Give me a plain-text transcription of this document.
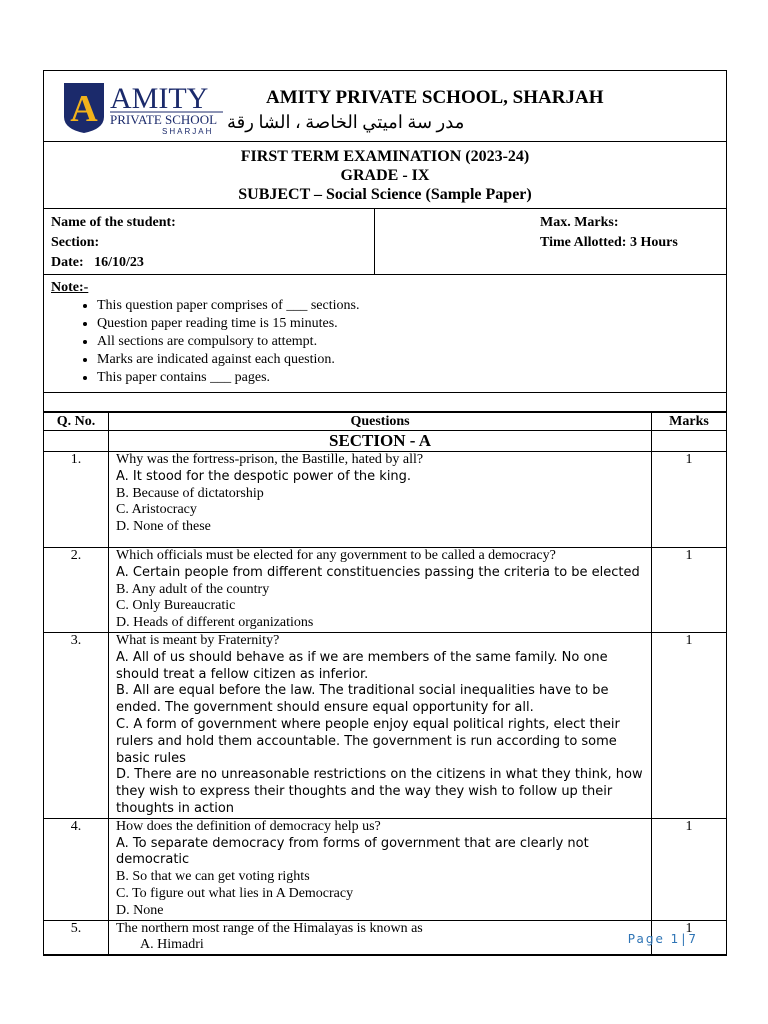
A AMITY
PRIVATE SCHOOL
SHARJAH
AMITY PRIVATE SCHOOL, SHARJAH
مدر سة اميتي الخاصة ، الشا رقة
FIRST TERM EXAMINATION (2023-24)
GRADE - IX
SUBJECT – Social Science (Sample Paper)
Name of the student:
Section:
Date: 16/10/23
Max. Marks:
Time Allotted: 3 Hours
Note:-
• This question paper comprises of ___ sections.
• Question paper reading time is 15 minutes.
• All sections are compulsory to attempt.
• Marks are indicated against each question.
• This paper contains ___ pages.
Q. No.	Questions	Marks
	SECTION - A	
1.	Why was the fortress-prison, the Bastille, hated by all?
A. It stood for the despotic power of the king.
B. Because of dictatorship
C. Aristocracy
D. None of these	1
2.	Which officials must be elected for any government to be called a democracy?
A. Certain people from different constituencies passing the criteria to be elected
B. Any adult of the country
C. Only Bureaucratic
D. Heads of different organizations	1
3.	What is meant by Fraternity?
A. All of us should behave as if we are members of the same family. No one should treat a fellow citizen as inferior.
B. All are equal before the law. The traditional social inequalities have to be ended. The government should ensure equal opportunity for all.
C. A form of government where people enjoy equal political rights, elect their rulers and hold them accountable. The government is run according to some basic rules
D. There are no unreasonable restrictions on the citizens in what they think, how they wish to express their thoughts and the way they wish to follow up their thoughts in action	1
4.	How does the definition of democracy help us?
A. To separate democracy from forms of government that are clearly not democratic
B. So that we can get voting rights
C. To figure out what lies in A Democracy
D. None	1
5.	The northern most range of the Himalayas is known as
A. Himadri	1
Page 1 | 7
